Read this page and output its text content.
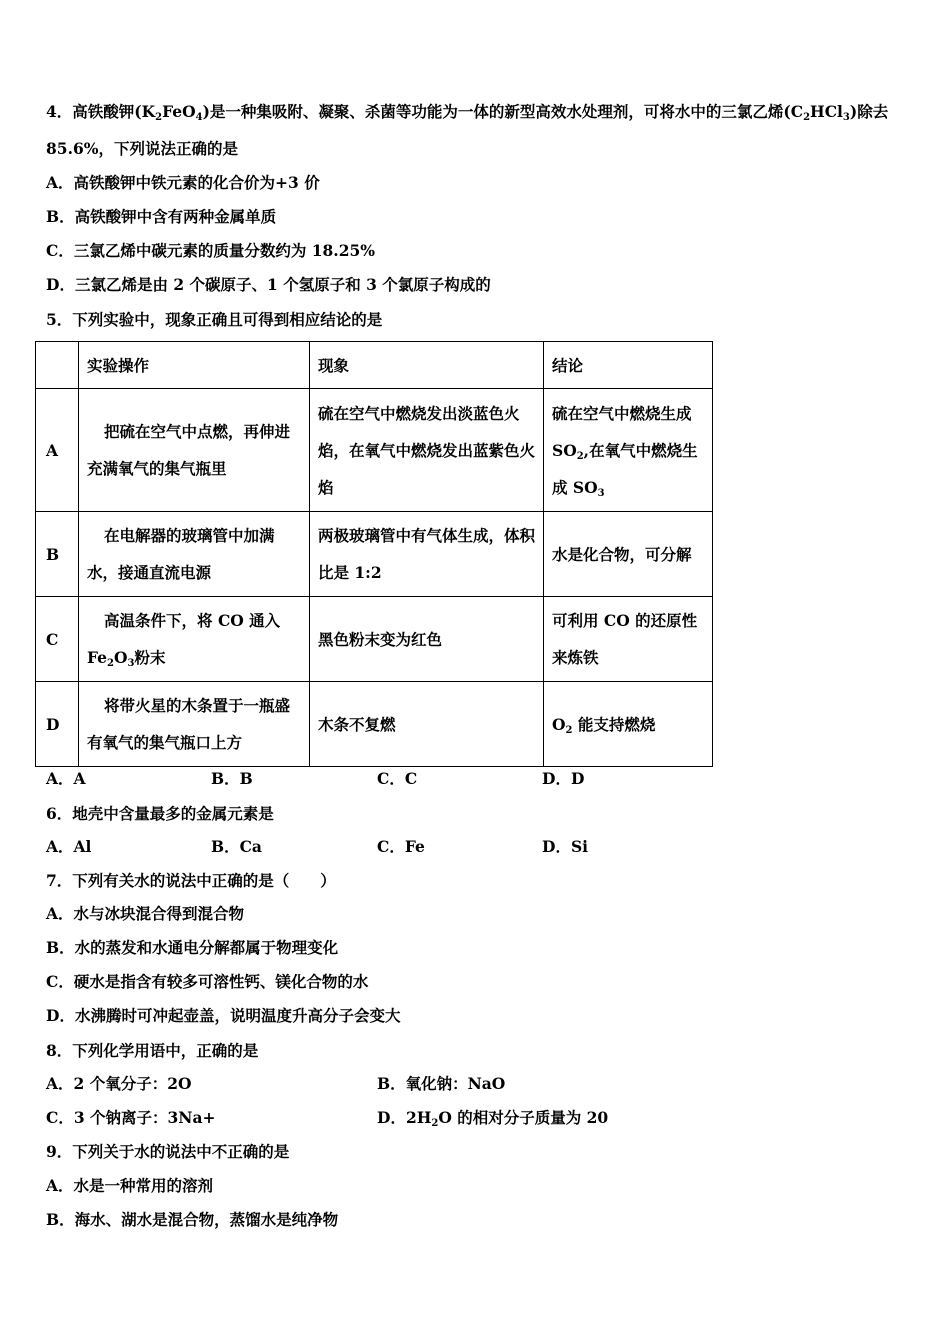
4．高铁酸钾$(K_2FeO_4)$是一种集吸附、凝聚、杀菌等功能为一体的新型高效水处理剂，可将水中的三氯乙烯$(C_2HCl_3)$除去
85.6%，下列说法正确的是
A．高铁酸钾中铁元素的化合价为+3 价
B．高铁酸钾中含有两种金属单质
C．三氯乙烯中碳元素的质量分数约为 18.25%
D．三氯乙烯是由 2 个碳原子、1 个氢原子和 3 个氯原子构成的
5．下列实验中，现象正确且可得到相应结论的是
	实验操作	现象	结论
A	把硫在空气中点燃，再伸进充满氧气的集气瓶里	硫在空气中燃烧发出淡蓝色火焰，在氧气中燃烧发出蓝紫色火焰	硫在空气中燃烧生成 $SO_2$,在氧气中燃烧生成 $SO_3$
B	在电解器的玻璃管中加满水，接通直流电源	两极玻璃管中有气体生成，体积比是 1:2	水是化合物，可分解
C	高温条件下，将 CO 通入 $Fe_2O_3$粉末	黑色粉末变为红色	可利用 CO 的还原性来炼铁
D	将带火星的木条置于一瓶盛有氧气的集气瓶口上方	木条不复燃	$O_2$ 能支持燃烧
A．A	B．B	C．C	D．D
6．地壳中含量最多的金属元素是
A．Al	B．Ca	C．Fe	D．Si
7．下列有关水的说法中正确的是（　　）
A．水与冰块混合得到混合物
B．水的蒸发和水通电分解都属于物理变化
C．硬水是指含有较多可溶性钙、镁化合物的水
D．水沸腾时可冲起壶盖，说明温度升高分子会变大
8．下列化学用语中，正确的是
A．2 个氧分子：2O	B．氧化钠：NaO
C．3 个钠离子：3Na+	D．$2H_2O$ 的相对分子质量为 20
9．下列关于水的说法中不正确的是
A．水是一种常用的溶剂
B．海水、湖水是混合物，蒸馏水是纯净物
